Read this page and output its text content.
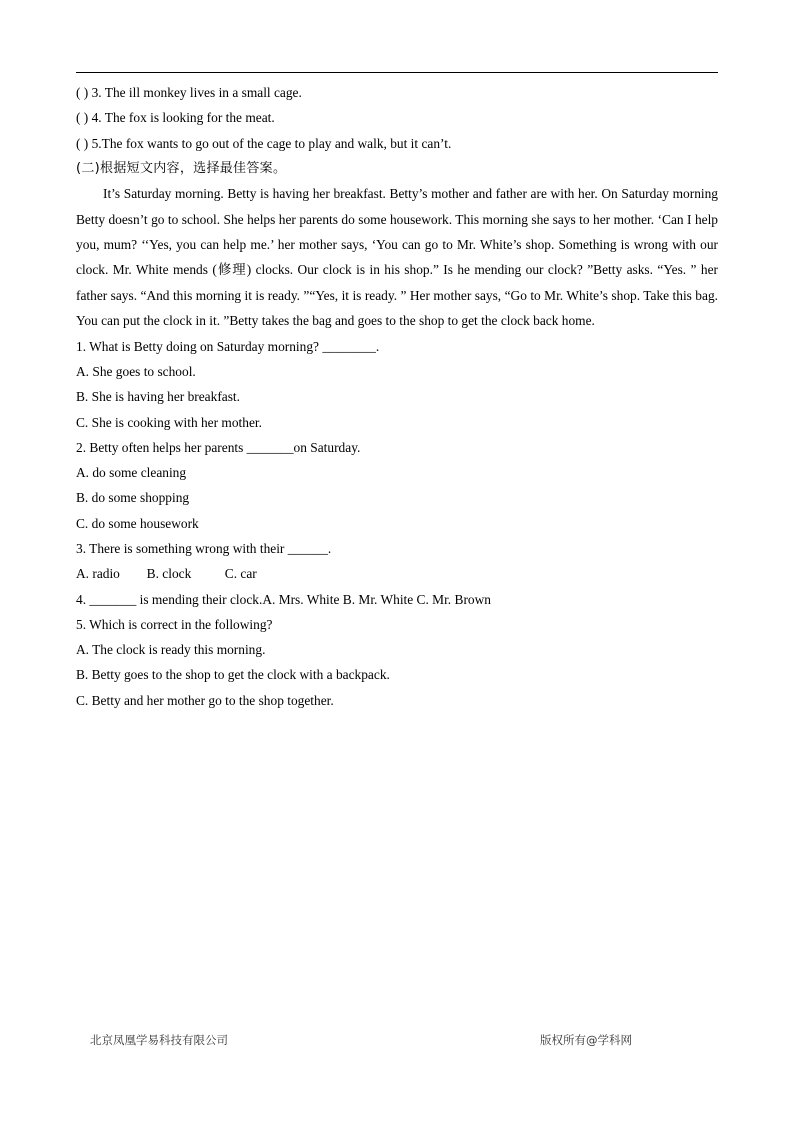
( ) 3. The ill monkey lives in a small cage.
( ) 4. The fox is looking for the meat.
( ) 5.The fox wants to go out of the cage to play and walk, but it can’t.
(二)根据短文内容，选择最佳答案。

It’s Saturday morning. Betty is having her breakfast. Betty’s mother and father are with her. On Saturday morning Betty doesn’t go to school. She helps her parents do some housework. This morning she says to her mother. ‘Can I help you, mum? ‘‘Yes, you can help me.’ her mother says, ‘You can go to Mr. White’s shop. Something is wrong with our clock. Mr. White mends (修理) clocks. Our clock is in his shop.” Is he mending our clock? ”Betty asks. “Yes. ” her father says. “And this morning it is ready. ”“Yes, it is ready. ” Her mother says, “Go to Mr. White’s shop. Take this bag. You can put the clock in it. ”Betty takes the bag and goes to the shop to get the clock back home.

1. What is Betty doing on Saturday morning? ________.
A. She goes to school.
B. She is having her breakfast.
C. She is cooking with her mother.
2. Betty often helps her parents _______on Saturday.
A. do some cleaning
B. do some shopping
C. do some housework
3. There is something wrong with their ______.
A. radio        B. clock          C. car
4. _______ is mending their clock.A. Mrs. White B. Mr. White C. Mr. Brown
5. Which is correct in the following?
A. The clock is ready this morning.
B. Betty goes to the shop to get the clock with a backpack.
C. Betty and her mother go to the shop together.
北京凤凰学易科技有限公司	版权所有@学科网
